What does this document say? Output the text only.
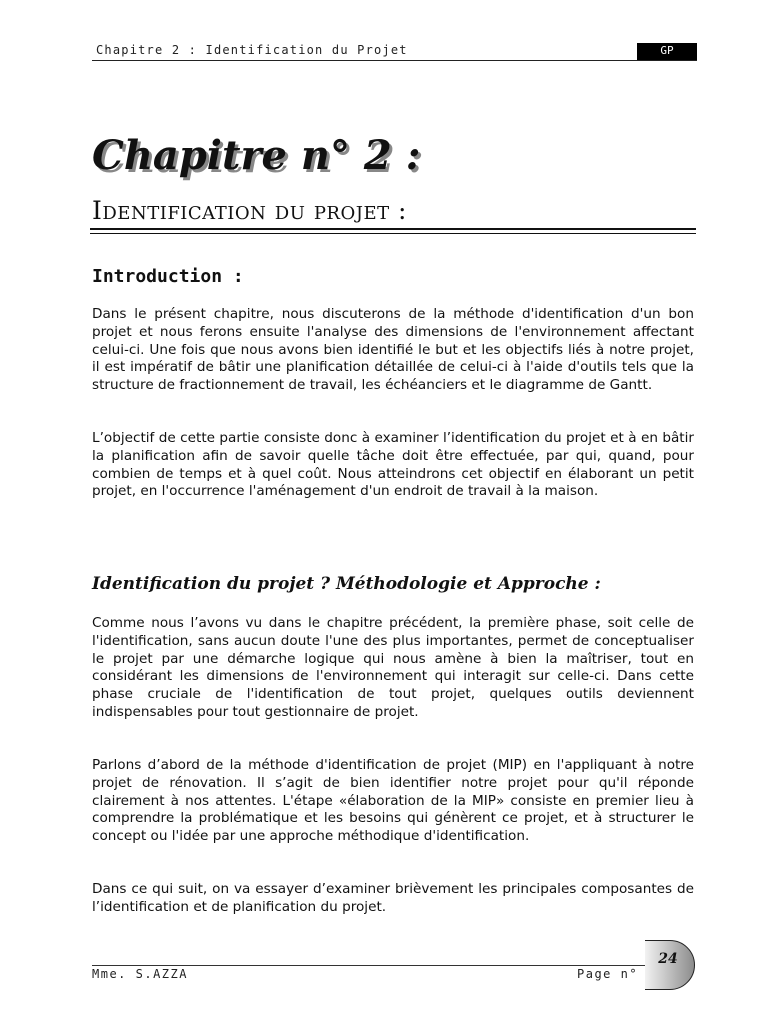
Chapitre 2 : Identification du Projet	GP
Chapitre n° 2 :
Identification du projet :
Introduction :

Dans le présent chapitre, nous discuterons de la méthode d'identification d'un bon projet et nous ferons ensuite l'analyse des dimensions de l'environnement affectant celui-ci. Une fois que nous avons bien identifié le but et les objectifs liés à notre projet, il est impératif de bâtir une planification détaillée de celui-ci à l'aide d'outils tels que la structure de fractionnement de travail, les échéanciers et le diagramme de Gantt.

L’objectif de cette partie consiste donc à examiner l’identification du projet et à en bâtir la planification afin de savoir quelle tâche doit être effectuée, par qui, quand, pour combien de temps et à quel coût. Nous atteindrons cet objectif en élaborant un petit projet, en l'occurrence l'aménagement d'un endroit de travail à la maison.

Identification du projet ? Méthodologie et Approche :

Comme nous l’avons vu dans le chapitre précédent, la première phase, soit celle de l'identification, sans aucun doute l'une des plus importantes, permet de conceptualiser le projet par une démarche logique qui nous amène à bien la maîtriser, tout en considérant les dimensions de l'environnement qui interagit sur celle-ci. Dans cette phase cruciale de l'identification de tout projet, quelques outils deviennent indispensables pour tout gestionnaire de projet.

Parlons d’abord de la méthode d'identification de projet (MIP) en l'appliquant à notre projet de rénovation. Il s’agit de bien identifier notre projet pour qu'il réponde clairement à nos attentes. L'étape «élaboration de la MIP» consiste en premier lieu à comprendre la problématique et les besoins qui génèrent ce projet, et à structurer le concept ou l'idée par une approche méthodique d'identification.

Dans ce qui suit, on va essayer d’examiner brièvement les principales composantes de l’identification et de planification du projet.

Mme. S.AZZA	Page n°
24
